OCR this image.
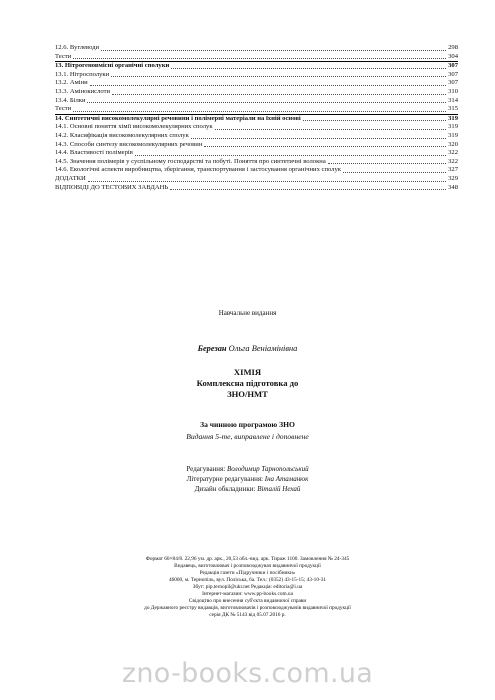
12.6. Вуглеводи	298
Тести	304
13. Нітрогеновмісні органічні сполуки	307
13.1. Нітросполуки	307
13.2. Аміни	307
13.3. Амінокислоти	310
13.4. Білки	314
Тести	315
14. Синтетичні високомолекулярні речовини і полімерні матеріали на їхній основі	319
14.1. Основні поняття хімії високомолекулярних сполук	319
14.2. Класифікація високомолекулярних сполук	319
14.3. Способи синтезу високомолекулярних речовин	320
14.4. Властивості полімерів	322
14.5. Значення полімерів у суспільному господарстві та побуті. Поняття про синтетичні волокна	322
14.6. Екологічні аспекти виробництва, зберігання, транспортування і застосування органічних сполук	327
ДОДАТКИ	329
ВІДПОВІДІ ДО ТЕСТОВИХ ЗАВДАНЬ	348
Навчальне видання
Березан Ольга Веніамінівна
ХІМІЯ
Комплексна підготовка до
ЗНО/НМТ
За чинною програмою ЗНО
Видання 5-те, виправлене і доповнене
Редагування: Володимир Тарнопольський
Літературне редагування: Іна Атаманюк
Дизайн обкладинки: Віталій Нехай
Формат 60×84/8. 22,96 ум. др. арк., 20,53 обл.-вид. арк. Тираж 1100. Замовлення № 24-345
Видавець, виготовлювач і розповсюджувач видавничої продукції
Редакція газети «Підручники і посібники»
46000, м. Тернопіль, вул. Поліська, 6а. Тел.: (0352) 43-15-15; 43-10-31
Збут: pip.ternopil@ukr.net Редакція: editoria@i.ua
Інтернет-магазин: www.pp-books.com.ua
Свідоцтво про внесення суб'єкта видавничої справи
до Державного реєстру видавців, виготовлювачів і розповсюджувачів видавничої продукції
серія ДК № 5143 від 05.07.2016 р.
zno-books.com.ua
